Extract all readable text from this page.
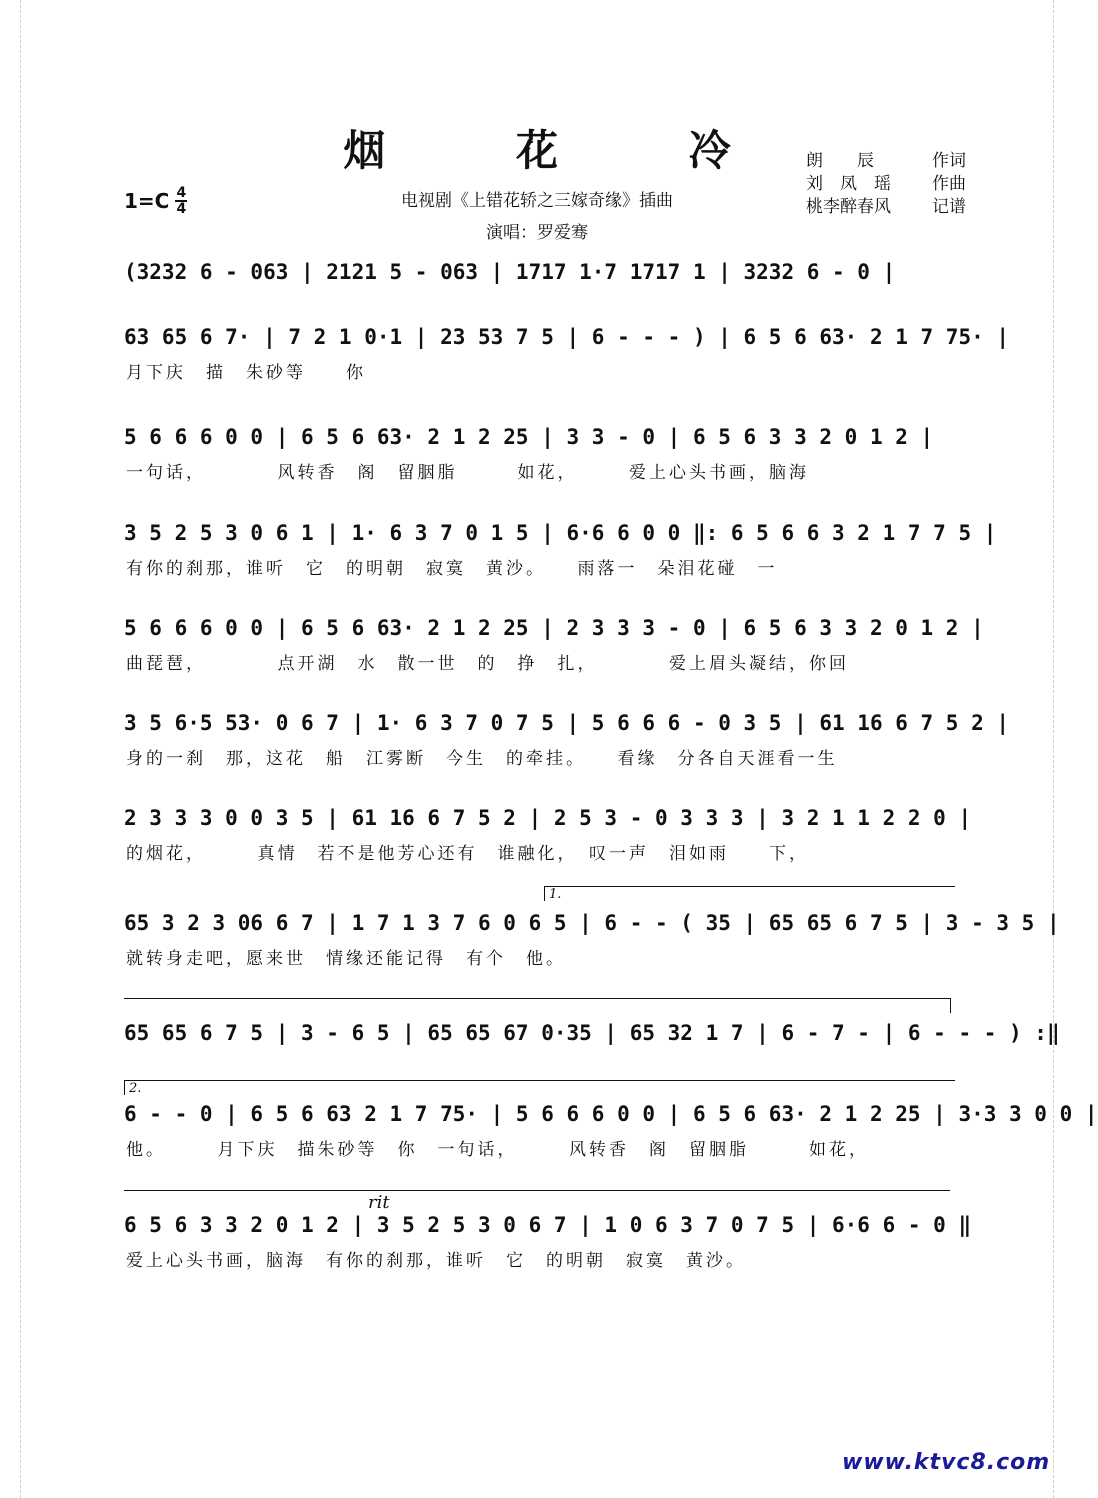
烟 花 冷
电视剧《上错花轿之三嫁奇缘》插曲
演唱：罗爱骞
$1=C \frac{4}{4}$
朗　　辰	作词
刘　凤　瑶 作曲
桃李醉春风 记谱
(3232 6 - 063 | 2121 5 - 063 | 1717 1·7 1717 1 | 3232 6 - 0 |
63 65 6 7· | 7 2 1 0·1 | 23 53 7 5 | 6 - - - ) | 6 5 6 63· 2 1 7 75· |
月下庆　描　朱砂等　　你
5 6 6 6 0 0 | 6 5 6 63· 2 1 2 25 | 3 3 - 0 | 6 5 6 3 3 2 0 1 2 |
一句话，　　　　风转香　阁　留胭脂　　　如花，　　　爱上心头书画，脑海
3 5 2 5 3 0 6 1 | 1· 6 3 7 0 1 5 | 6·6 6 0 0 ‖: 6 5 6 6 3 2 1 7 7 5 |
有你的刹那，谁听　它　的明朝　寂寞　黄沙。　　雨落一　朵泪花碰　一
5 6 6 6 0 0 | 6 5 6 63· 2 1 2 25 | 2 3 3 3 - 0 | 6 5 6 3 3 2 0 1 2 |
曲琵琶，　　　　点开湖　水　散一世　的　挣　扎，　　　　爱上眉头凝结，你回
3 5 6·5 53· 0 6 7 | 1· 6 3 7 0 7 5 | 5 6 6 6 - 0 3 5 | 61 16 6 7 5 2 |
身的一刹　那，这花　船　江雾断　今生　的牵挂。　　看缘　分各自天涯看一生
2 3 3 3 0 0 3 5 | 61 16 6 7 5 2 | 2 5 3 - 0 3 3 3 | 3 2 1 1 2 2 0 |
的烟花，　　　真情　若不是他芳心还有　谁融化，　叹一声　泪如雨　　下，
1.
65 3 2 3 06 6 7 | 1 7 1 3 7 6 0 6 5 | 6 - - ( 35 | 65 65 6 7 5 | 3 - 3 5 |
就转身走吧，愿来世　情缘还能记得　有个　他。
65 65 6 7 5 | 3 - 6 5 | 65 65 67 0·35 | 65 32 1 7 | 6 - 7 - | 6 - - - ) :‖
2.
6 - - 0 | 6 5 6 63 2 1 7 75· | 5 6 6 6 0 0 | 6 5 6 63· 2 1 2 25 | 3·3 3 0 0 |
他。　　　月下庆　描朱砂等　你　一句话，　　　风转香　阁　留胭脂　　　如花，
rit
6 5 6 3 3 2 0 1 2 | 3 5 2 5 3 0 6 7 | 1 0 6 3 7 0 7 5 | 6·6 6 - 0 ‖
爱上心头书画，脑海　有你的刹那，谁听　它　的明朝　寂寞　黄沙。
www.ktvc8.com
